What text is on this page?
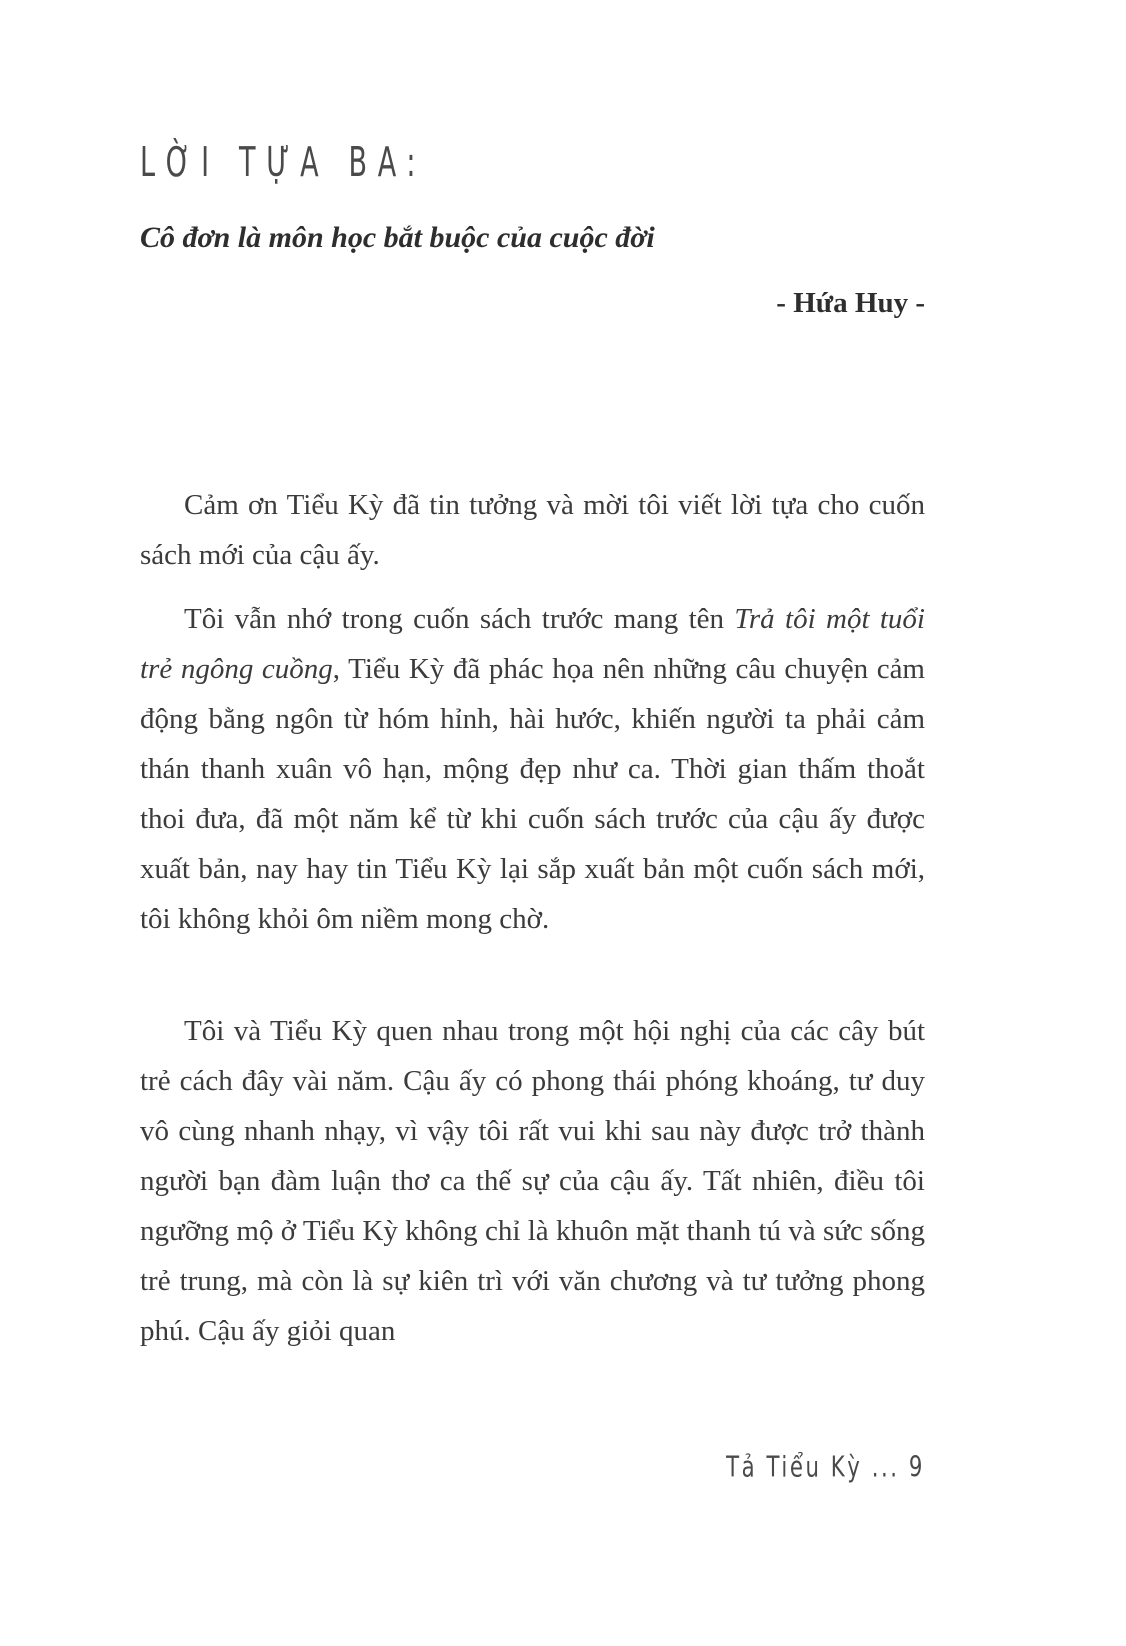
LỜI TỰA BA:
Cô đơn là môn học bắt buộc của cuộc đời
- Hứa Huy -

Cảm ơn Tiểu Kỳ đã tin tưởng và mời tôi viết lời tựa cho cuốn sách mới của cậu ấy.

Tôi vẫn nhớ trong cuốn sách trước mang tên Trả tôi một tuổi trẻ ngông cuồng, Tiểu Kỳ đã phác họa nên những câu chuyện cảm động bằng ngôn từ hóm hỉnh, hài hước, khiến người ta phải cảm thán thanh xuân vô hạn, mộng đẹp như ca. Thời gian thấm thoắt thoi đưa, đã một năm kể từ khi cuốn sách trước của cậu ấy được xuất bản, nay hay tin Tiểu Kỳ lại sắp xuất bản một cuốn sách mới, tôi không khỏi ôm niềm mong chờ.

Tôi và Tiểu Kỳ quen nhau trong một hội nghị của các cây bút trẻ cách đây vài năm. Cậu ấy có phong thái phóng khoáng, tư duy vô cùng nhanh nhạy, vì vậy tôi rất vui khi sau này được trở thành người bạn đàm luận thơ ca thế sự của cậu ấy. Tất nhiên, điều tôi ngưỡng mộ ở Tiểu Kỳ không chỉ là khuôn mặt thanh tú và sức sống trẻ trung, mà còn là sự kiên trì với văn chương và tư tưởng phong phú. Cậu ấy giỏi quan

Tả Tiểu Kỳ ... 9
